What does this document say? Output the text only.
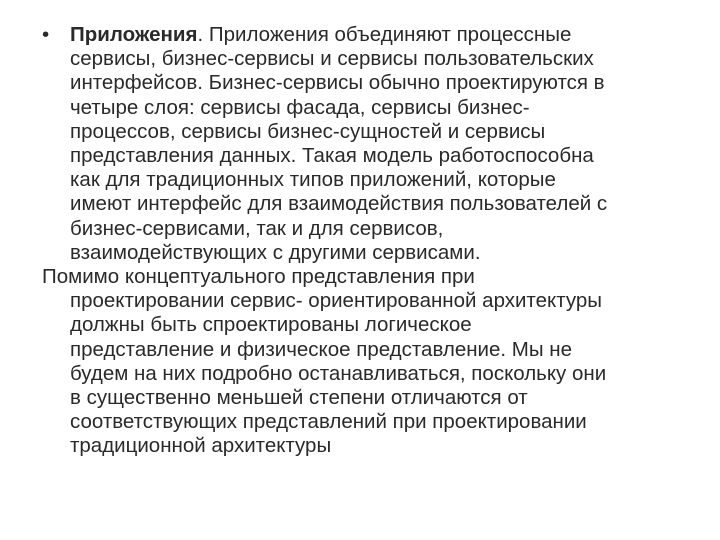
•	Приложения. Приложения объединяют процессные
сервисы, бизнес-сервисы и сервисы пользовательских
интерфейсов. Бизнес-сервисы обычно проектируются в
четыре слоя: сервисы фасада, сервисы бизнес-
процессов, сервисы бизнес-сущностей и сервисы
представления данных. Такая модель работоспособна
как для традиционных типов приложений, которые
имеют интерфейс для взаимодействия пользователей с
бизнес-сервисами, так и для сервисов,
взаимодействующих с другими сервисами.
Помимо концептуального представления при
проектировании сервис- ориентированной архитектуры
должны быть спроектированы логическое
представление и физическое представление. Мы не
будем на них подробно останавливаться, поскольку они
в существенно меньшей степени отличаются от
соответствующих представлений при проектировании
традиционной архитектуры
